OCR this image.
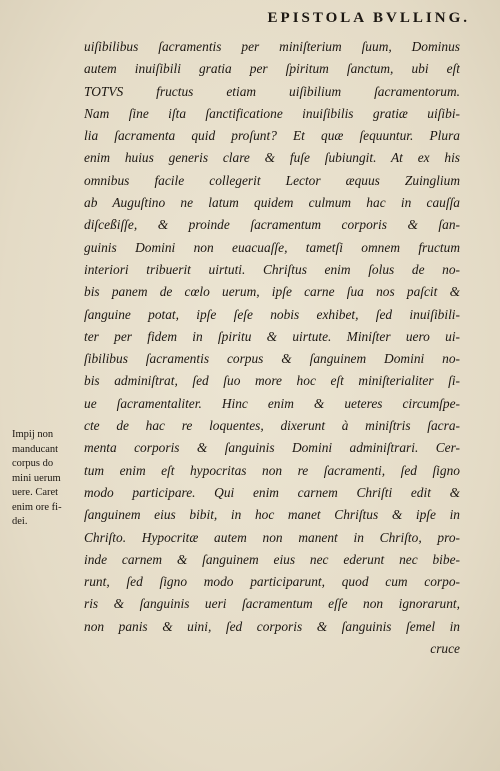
EPISTOLA BVLLING.
uiſibilibus ſacramentis per miniſterium ſuum, Dominus
autem inuiſibili gratia per ſpiritum ſanctum, ubi eſt
TOTVS fructus etiam uiſibilium ſacramentorum.
Nam ſine iſta ſanctificatione inuiſibilis gratiæ uiſibi-
lia ſacramenta quid proſunt? Et quæ ſequuntur. Plura
enim huius generis clare & fuſe ſubiungit. At ex his
omnibus facile collegerit Lector æquus Zuinglium
ab Auguſtino ne latum quidem culmum hac in cauſſa
diſceßiſſe, & proinde ſacramentum corporis & ſan-
guinis Domini non euacuaſſe, tametſi omnem fructum
interiori tribuerit uirtuti. Chriſtus enim ſolus de no-
bis panem de cœlo uerum, ipſe carne ſua nos paſcit &
ſanguine potat, ipſe ſeſe nobis exhibet, ſed inuiſibili-
ter per fidem in ſpiritu & uirtute. Miniſter uero ui-
ſibilibus ſacramentis corpus & ſanguinem Domini no-
bis adminiſtrat, ſed ſuo more hoc eſt miniſterialiter ſi-
ue ſacramentaliter. Hinc enim & ueteres circumſpe-
cte de hac re loquentes, dixerunt à miniſtris ſacra-
menta corporis & ſanguinis Domini adminiſtrari. Cer-
tum enim eſt hypocritas non re ſacramenti, ſed ſigno
modo participare. Qui enim carnem Chriſti edit &
ſanguinem eius bibit, in hoc manet Chriſtus & ipſe in
Chriſto. Hypocritæ autem non manent in Chriſto, pro-
inde carnem & ſanguinem eius nec ederunt nec bibe-
runt, ſed ſigno modo participarunt, quod cum corpo-
ris & ſanguinis ueri ſacramentum eſſe non ignorarunt,
non panis & uini, ſed corporis & ſanguinis ſemel in
cruce
Impij non
manducant
corpus do
mini uerum
uere. Caret
enim ore fi-
dei.
